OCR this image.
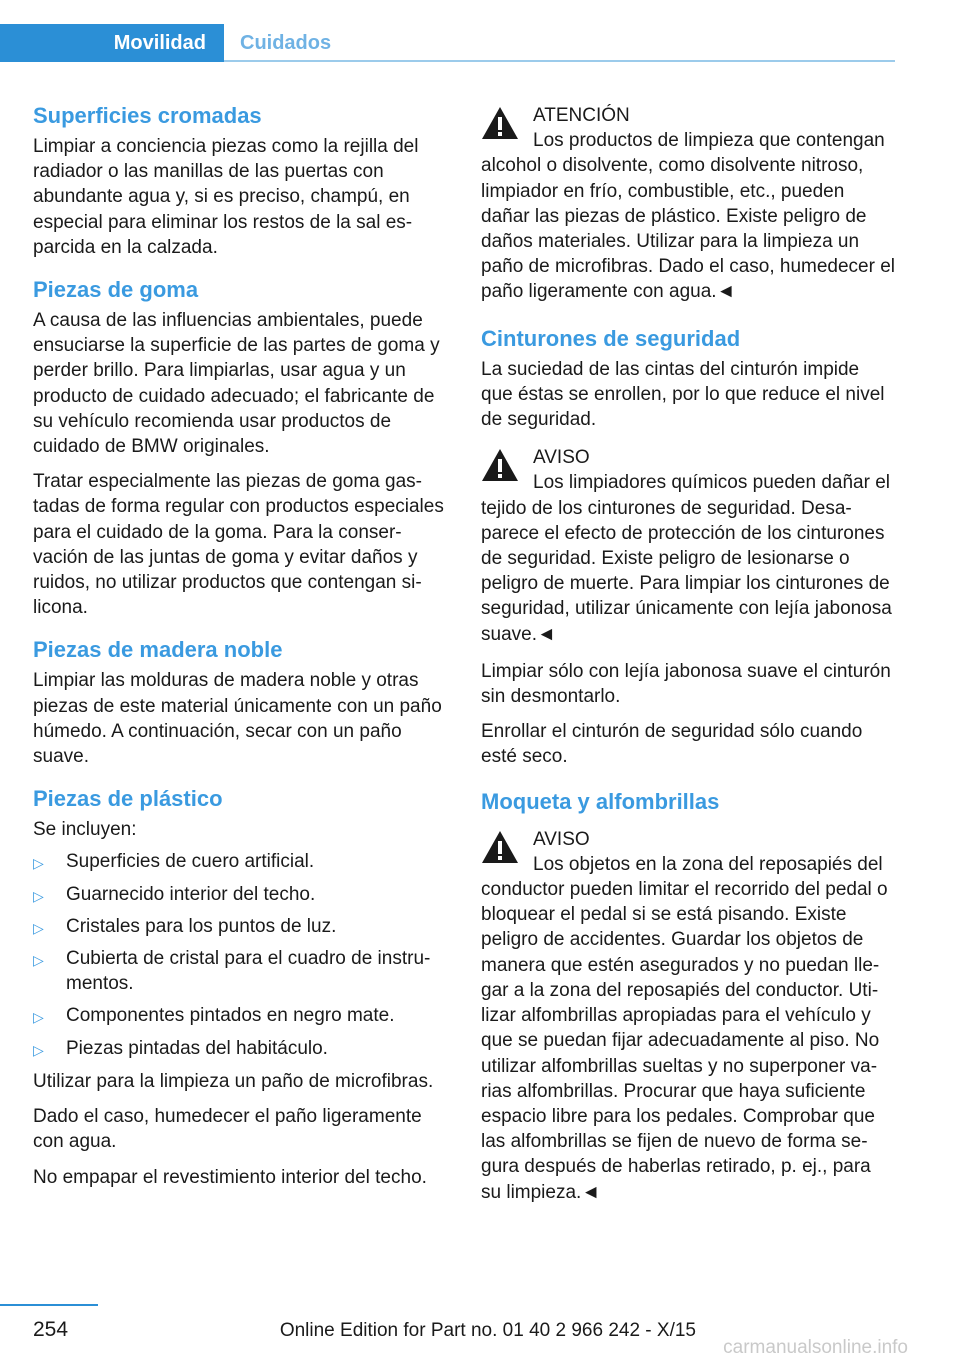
Movilidad	Cuidados
Superficies cromadas

Limpiar a conciencia piezas como la rejilla del radiador o las manillas de las puertas con abundante agua y, si es preciso, champú, en especial para eliminar los restos de la sal esparcida en la calzada.

Piezas de goma

A causa de las influencias ambientales, puede ensuciarse la superficie de las partes de goma y perder brillo. Para limpiarlas, usar agua y un producto de cuidado adecuado; el fabricante de su vehículo recomienda usar productos de cuidado de BMW originales.

Tratar especialmente las piezas de goma gastadas de forma regular con productos especiales para el cuidado de la goma. Para la conservación de las juntas de goma y evitar daños y ruidos, no utilizar productos que contengan silicona.

Piezas de madera noble

Limpiar las molduras de madera noble y otras piezas de este material únicamente con un paño húmedo. A continuación, secar con un paño suave.

Piezas de plástico

Se incluyen:

▷ Superficies de cuero artificial.
▷ Guarnecido interior del techo.
▷ Cristales para los puntos de luz.
▷ Cubierta de cristal para el cuadro de instrumentos.
▷ Componentes pintados en negro mate.
▷ Piezas pintadas del habitáculo.

Utilizar para la limpieza un paño de microfibras.

Dado el caso, humedecer el paño ligeramente con agua.

No empapar el revestimiento interior del techo.

ATENCIÓN
Los productos de limpieza que contengan alcohol o disolvente, como disolvente nitroso, limpiador en frío, combustible, etc., pueden dañar las piezas de plástico. Existe peligro de daños materiales. Utilizar para la limpieza un paño de microfibras. Dado el caso, humedecer el paño ligeramente con agua.◄
Cinturones de seguridad

La suciedad de las cintas del cinturón impide que éstas se enrollen, por lo que reduce el nivel de seguridad.

AVISO
Los limpiadores químicos pueden dañar el tejido de los cinturones de seguridad. Desaparece el efecto de protección de los cinturones de seguridad. Existe peligro de lesionarse o peligro de muerte. Para limpiar los cinturones de seguridad, utilizar únicamente con lejía jabonosa suave.◄

Limpiar sólo con lejía jabonosa suave el cinturón sin desmontarlo.

Enrollar el cinturón de seguridad sólo cuando esté seco.

Moqueta y alfombrillas
AVISO
Los objetos en la zona del reposapiés del conductor pueden limitar el recorrido del pedal o bloquear el pedal si se está pisando. Existe peligro de accidentes. Guardar los objetos de manera que estén asegurados y no puedan llegar a la zona del reposapiés del conductor. Utilizar alfombrillas apropiadas para el vehículo y que se puedan fijar adecuadamente al piso. No utilizar alfombrillas sueltas y no superponer varias alfombrillas. Procurar que haya suficiente espacio libre para los pedales. Comprobar que las alfombrillas se fijen de nuevo de forma segura después de haberlas retirado, p. ej., para su limpieza.◄
254	Online Edition for Part no. 01 40 2 966 242 - X/15
carmanualsonline.info
